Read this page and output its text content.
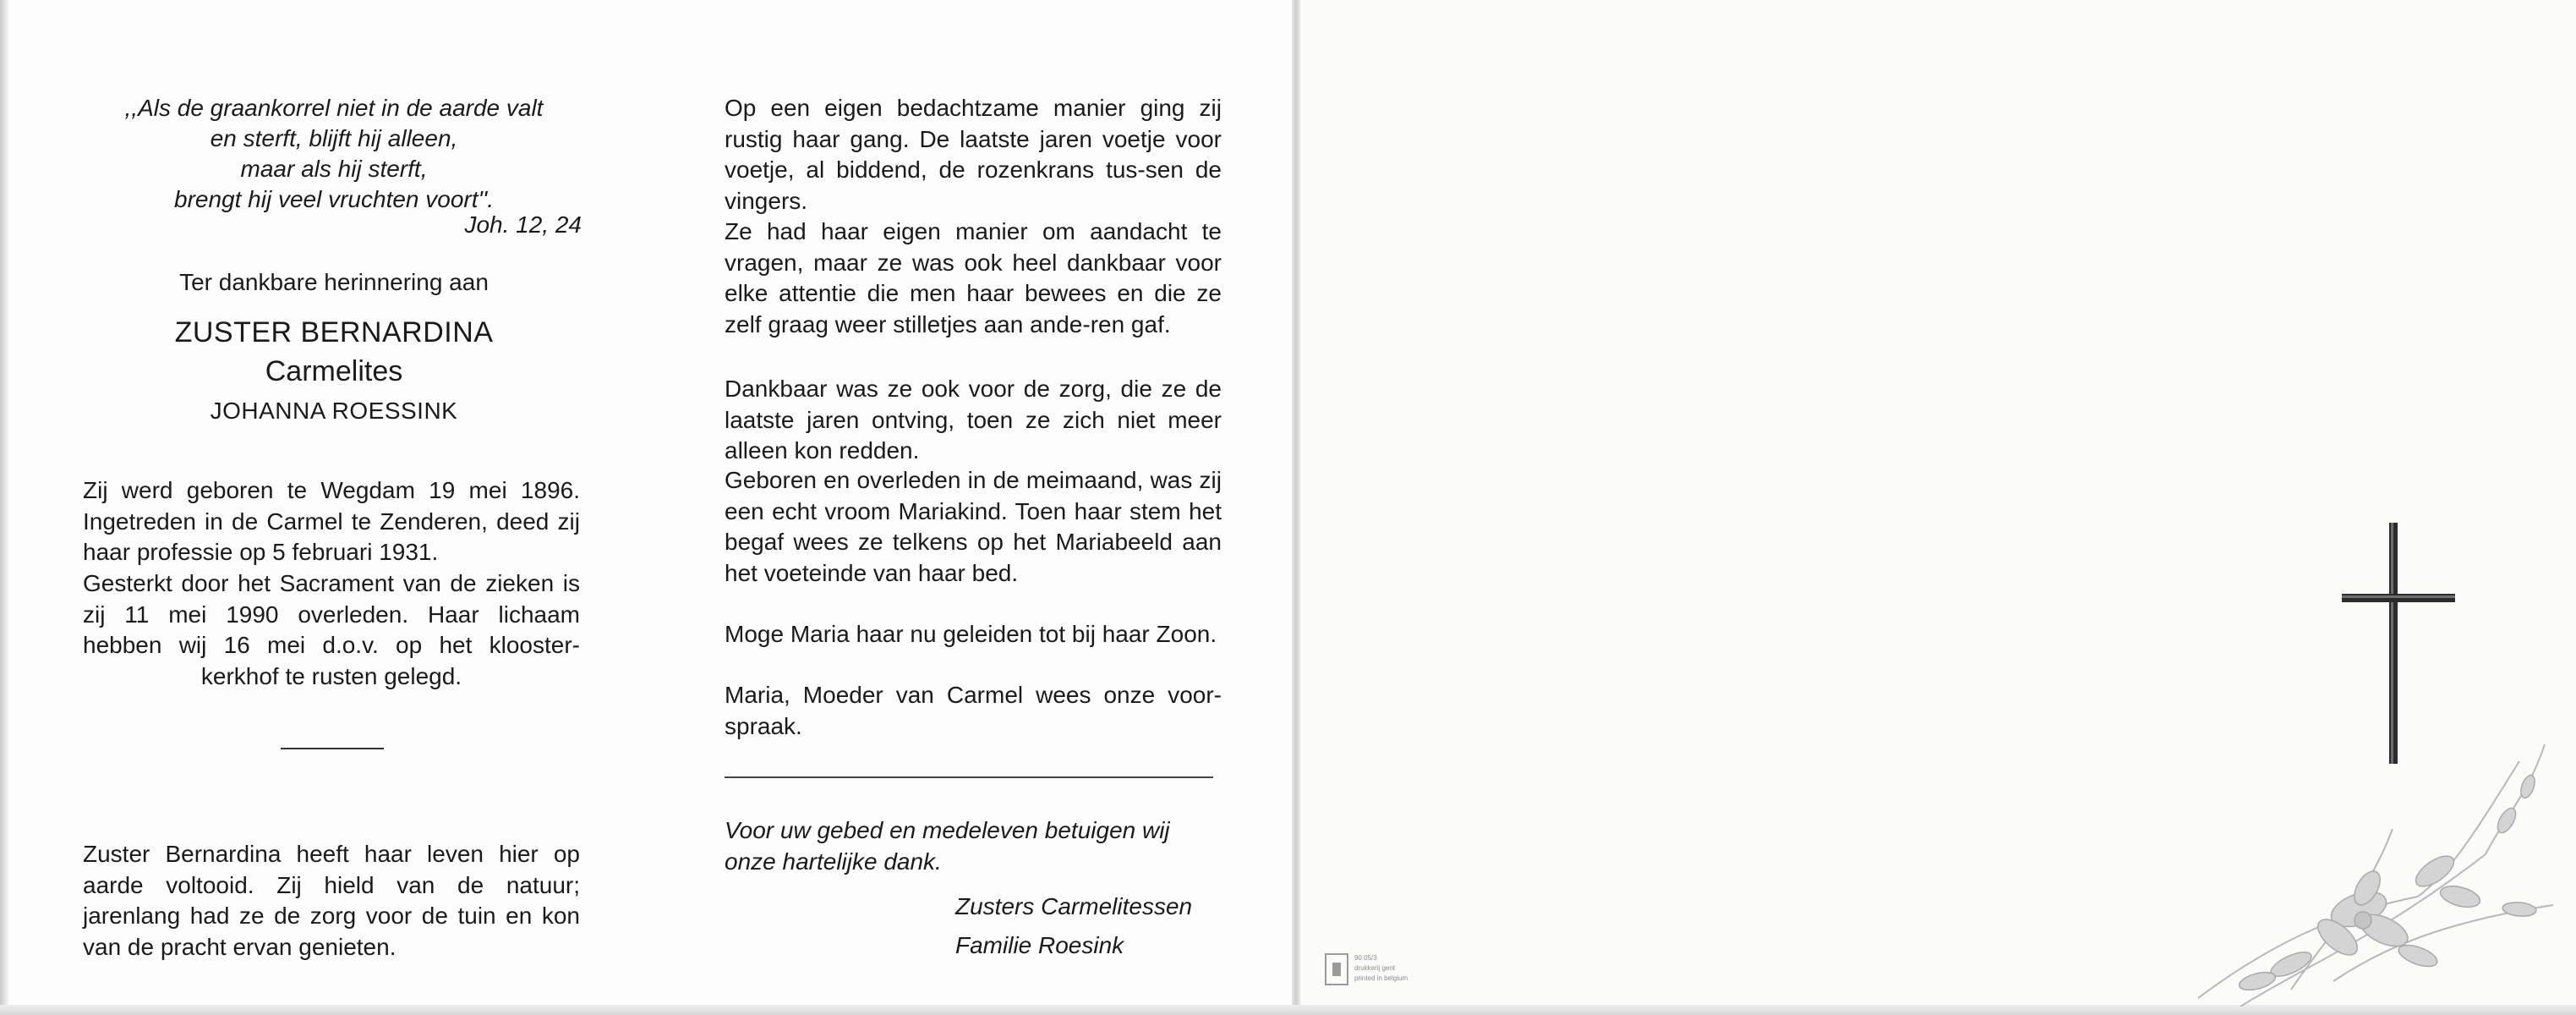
,,Als de graankorrel niet in de aarde valt
en sterft, blijft hij alleen,
maar als hij sterft,
brengt hij veel vruchten voort''.
Joh. 12, 24
Ter dankbare herinnering aan
ZUSTER BERNARDINA
Carmelites
JOHANNA ROESSINK

Zij werd geboren te Wegdam 19 mei 1896. Ingetreden in de Carmel te Zenderen, deed zij haar professie op 5 februari 1931.

Gesterkt door het Sacrament van de zieken is zij 11 mei 1990 overleden. Haar lichaam hebben wij 16 mei d.o.v. op het klooster-
kerkhof te rusten gelegd.

Zuster Bernardina heeft haar leven hier op aarde voltooid. Zij hield van de natuur; jarenlang had ze de zorg voor de tuin en kon van de pracht ervan genieten.

Op een eigen bedachtzame manier ging zij rustig haar gang. De laatste jaren voetje voor voetje, al biddend, de rozenkrans tus-sen de vingers.

Ze had haar eigen manier om aandacht te vragen, maar ze was ook heel dankbaar voor elke attentie die men haar bewees en die ze zelf graag weer stilletjes aan ande-ren gaf.

Dankbaar was ze ook voor de zorg, die ze de laatste jaren ontving, toen ze zich niet meer alleen kon redden.

Geboren en overleden in de meimaand, was zij een echt vroom Mariakind. Toen haar stem het begaf wees ze telkens op het Mariabeeld aan het voeteinde van haar bed.

Moge Maria haar nu geleiden tot bij haar Zoon.

Maria, Moeder van Carmel wees onze voor-spraak.

Voor uw gebed en medeleven betuigen wij onze hartelijke dank.

Zusters Carmelitessen
Familie Roesink	90.05/3
drukkerij gent
printed in belgium
